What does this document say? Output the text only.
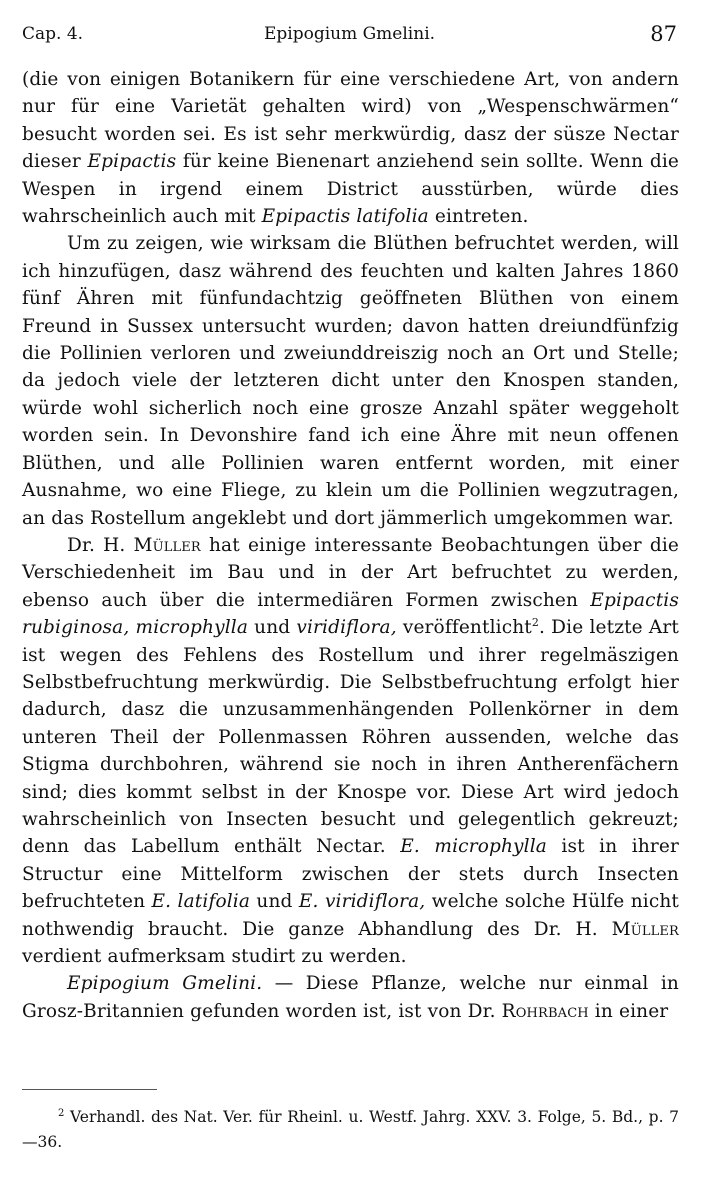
Cap. 4.	Epipogium Gmelini.	87

(die von einigen Botanikern für eine verschiedene Art, von andern nur für eine Varietät gehalten wird) von „Wespenschwärmen“ besucht worden sei. Es ist sehr merkwürdig, dasz der süsze Nectar dieser Epipactis für keine Bienenart anziehend sein sollte. Wenn die Wespen in irgend einem District ausstürben, würde dies wahrscheinlich auch mit Epipactis latifolia eintreten.

Um zu zeigen, wie wirksam die Blüthen befruchtet werden, will ich hinzufügen, dasz während des feuchten und kalten Jahres 1860 fünf Ähren mit fünfundachtzig geöffneten Blüthen von einem Freund in Sussex untersucht wurden; davon hatten dreiundfünfzig die Pollinien verloren und zweiunddreiszig noch an Ort und Stelle; da jedoch viele der letzteren dicht unter den Knospen standen, würde wohl sicherlich noch eine grosze Anzahl später weggeholt worden sein. In Devonshire fand ich eine Ähre mit neun offenen Blüthen, und alle Pollinien waren entfernt worden, mit einer Ausnahme, wo eine Fliege, zu klein um die Pollinien wegzutragen, an das Rostellum angeklebt und dort jämmerlich umgekommen war.

Dr. H. Müller hat einige interessante Beobachtungen über die Verschiedenheit im Bau und in der Art befruchtet zu werden, ebenso auch über die intermediären Formen zwischen Epipactis rubiginosa, microphylla und viridiflora, veröffentlicht$^2$. Die letzte Art ist wegen des Fehlens des Rostellum und ihrer regelmäszigen Selbstbefruchtung merkwürdig. Die Selbstbefruchtung erfolgt hier dadurch, dasz die unzusammenhängenden Pollenkörner in dem unteren Theil der Pollenmassen Röhren aussenden, welche das Stigma durchbohren, während sie noch in ihren Antherenfächern sind; dies kommt selbst in der Knospe vor. Diese Art wird jedoch wahrscheinlich von Insecten besucht und gelegentlich gekreuzt; denn das Labellum enthält Nectar. E. microphylla ist in ihrer Structur eine Mittelform zwischen der stets durch Insecten befruchteten E. latifolia und E. viridiflora, welche solche Hülfe nicht nothwendig braucht. Die ganze Abhandlung des Dr. H. Müller verdient aufmerksam studirt zu werden.

Epipogium Gmelini. — Diese Pflanze, welche nur einmal in Grosz-Britannien gefunden worden ist, ist von Dr. Rohrbach in einer

$^2$ Verhandl. des Nat. Ver. für Rheinl. u. Westf. Jahrg. XXV. 3. Folge, 5. Bd., p. 7—36.
